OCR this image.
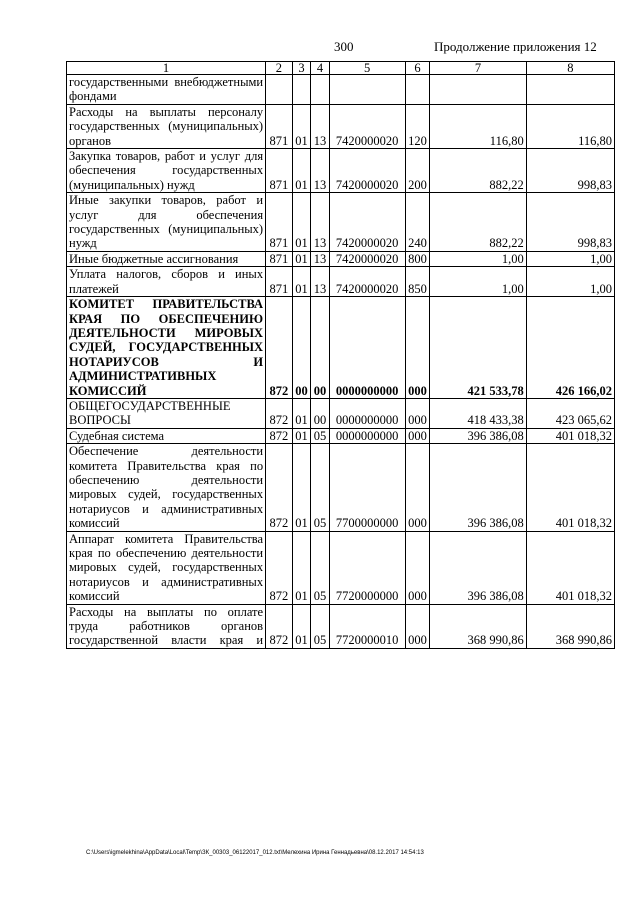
300	Продолжение приложения 12
1	2	3	4	5	6	7	8
государственными внебюджетными фондами							
Расходы на выплаты персоналу государственных (муниципальных) органов	871	01	13	7420000020	120	116,80	116,80
Закупка товаров, работ и услуг для обеспечения государственных (муниципальных) нужд	871	01	13	7420000020	200	882,22	998,83
Иные закупки товаров, работ и услуг для обеспечения государственных (муниципальных) нужд	871	01	13	7420000020	240	882,22	998,83
Иные бюджетные ассигнования	871	01	13	7420000020	800	1,00	1,00
Уплата налогов, сборов и иных платежей	871	01	13	7420000020	850	1,00	1,00
КОМИТЕТ ПРАВИТЕЛЬСТВА КРАЯ ПО ОБЕСПЕЧЕНИЮ ДЕЯТЕЛЬНОСТИ МИРОВЫХ СУДЕЙ, ГОСУДАРСТВЕННЫХ НОТАРИУСОВ И АДМИНИСТРАТИВНЫХ КОМИССИЙ	872	00	00	0000000000	000	421 533,78	426 166,02
ОБЩЕГОСУДАРСТВЕННЫЕ ВОПРОСЫ	872	01	00	0000000000	000	418 433,38	423 065,62
Судебная система	872	01	05	0000000000	000	396 386,08	401 018,32
Обеспечение деятельности комитета Правительства края по обеспечению деятельности мировых судей, государственных нотариусов и административных комиссий	872	01	05	7700000000	000	396 386,08	401 018,32
Аппарат комитета Правительства края по обеспечению деятельности мировых судей, государственных нотариусов и административных комиссий	872	01	05	7720000000	000	396 386,08	401 018,32
Расходы на выплаты по оплате труда работников органов государственной власти края и	872	01	05	7720000010	000	368 990,86	368 990,86
C:\Users\igmelekhina\AppData\Local\Temp\ЗК_00303_06122017_012.txt\Мелехина Ирина Геннадьевна\08.12.2017 14:54:13
